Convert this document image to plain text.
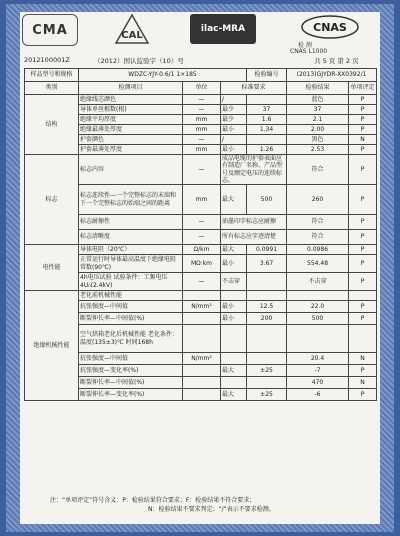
CMA	CAL
ilac-MRA	CNAS
检 测
CNAS L1000
2012100001Z	（2012）国认监验字（10）号	共 5 页 第 2 页
样品型号和规格	WDZC-YJY-0.6/1 1×185			检验编号	(2013)GJYDR-XX0392/1	
类别	检测项目	单位	标准要求		检验结果	单项评定
结构	绝缘线芯颜色	—	/		蓝色	P
	导体单丝根数(根)	—	最少	37	37	P
	绝缘平均厚度	mm	最少	1.6	2.1	P
	绝缘最薄处厚度	mm	最小	1.34	2.00	P
	护套颜色	—	/		黑色	N
	护套最薄处厚度	mm	最小	1.26	2.53	P
标志	标志内容	—	成品电缆的护套表面应有制造厂名称、产品型号及额定电压的连续标志。		符合	P
	标志连续性—一个完整标志的末端和下一个完整标志的始端之间的距离	mm	最大	500	260	P
	标志耐擦性	—	油墨印字标志应耐擦		符合	P
	标志清晰度	—	所有标志应字迹清楚		符合	P
电性能	导体电阻（20℃）	Ω/km	最大	0.0991	0.0986	P
	正常运行时导体最高温度下绝缘电阻常数(90℃)	MΩ·km	最小	3.67	554.48	P
	4h电压试验 试验条件：工频电压 4U₀(2.4kV)	—	不击穿		不击穿	P
绝缘机械性能	老化前机械性能					
	抗张强度—中间值	N/mm²	最小	12.5	22.0	P
	断裂伸长率—中间值(%)		最小	200	500	P
	空气烘箱老化后机械性能 老化条件：温度(135±3)℃ 时间168h					
	抗张强度—中间值	N/mm²			20.4	N
	抗张强度—变化率(%)		最大	±25	-7	P
	断裂伸长率—中间值(%)				470	N
	断裂伸长率—变化率(%)		最大	±25	-6	P
注：“单项评定”符号含义：P：检验结果符合要求；F：检验结果不符合要求；
N：检验结果不要求判定；“/”表示不要求检测。
